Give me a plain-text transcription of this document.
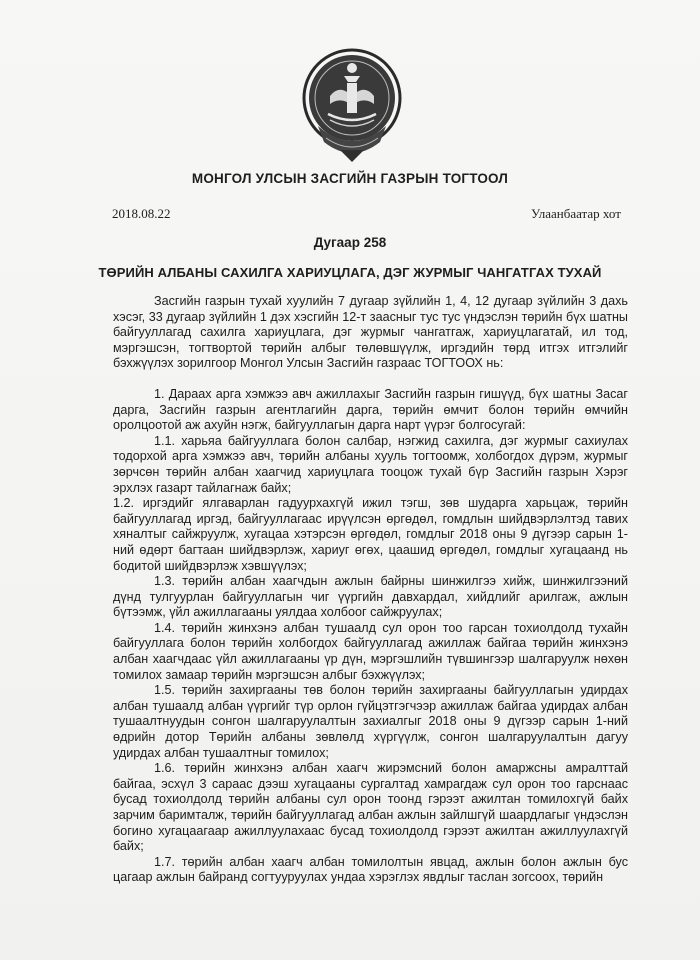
МОНГОЛ УЛСЫН ЗАСГИЙН ГАЗРЫН ТОГТООЛ
2018.08.22	Улаанбаатар хот
Дугаар 258
ТӨРИЙН АЛБАНЫ САХИЛГА ХАРИУЦЛАГА, ДЭГ ЖУРМЫГ ЧАНГАТГАХ ТУХАЙ

Засгийн газрын тухай хуулийн 7 дугаар зүйлийн 1, 4, 12 дугаар зүйлийн 3 дахь хэсэг, 33 дугаар зүйлийн 1 дэх хэсгийн 12-т заасныг тус тус үндэслэн төрийн бүх шатны байгууллагад сахилга хариуцлага, дэг журмыг чангатгаж, хариуцлагатай, ил тод, мэргэшсэн, тогтвортой төрийн албыг төлөвшүүлж, иргэдийн төрд итгэх итгэлийг бэхжүүлэх зорилгоор Монгол Улсын Засгийн газраас ТОГТООХ нь:

1. Дараах арга хэмжээ авч ажиллахыг Засгийн газрын гишүүд, бүх шатны Засаг дарга, Засгийн газрын агентлагийн дарга, төрийн өмчит болон төрийн өмчийн оролцоотой аж ахуйн нэгж, байгууллагын дарга нарт үүрэг болгосугай:

1.1. харьяа байгууллага болон салбар, нэгжид сахилга, дэг журмыг сахиулах тодорхой арга хэмжээ авч, төрийн албаны хууль тогтоомж, холбогдох дүрэм, журмыг зөрчсөн төрийн албан хаагчид хариуцлага тооцож тухай бүр Засгийн газрын Хэрэг эрхлэх газарт тайлагнаж байх;

1.2. иргэдийг ялгаварлан гадуурхахгүй ижил тэгш, зөв шударга харьцаж, төрийн байгууллагад иргэд, байгууллагаас ирүүлсэн өргөдөл, гомдлын шийдвэрлэлтэд тавих хяналтыг сайжруулж, хугацаа хэтэрсэн өргөдөл, гомдлыг 2018 оны 9 дүгээр сарын 1-ний өдөрт багтаан шийдвэрлэж, хариуг өгөх, цаашид өргөдөл, гомдлыг хугацаанд нь бодитой шийдвэрлэж хэвшүүлэх;

1.3. төрийн албан хаагчдын ажлын байрны шинжилгээ хийж, шинжилгээний дүнд тулгуурлан байгууллагын чиг үүргийн давхардал, хийдлийг арилгаж, ажлын бүтээмж, үйл ажиллагааны уялдаа холбоог сайжруулах;

1.4. төрийн жинхэнэ албан тушаалд сул орон тоо гарсан тохиолдолд тухайн байгууллага болон төрийн холбогдох байгууллагад ажиллаж байгаа төрийн жинхэнэ албан хаагчдаас үйл ажиллагааны үр дүн, мэргэшлийн түвшингээр шалгаруулж нөхөн томилох замаар төрийн мэргэшсэн албыг бэхжүүлэх;

1.5. төрийн захиргааны төв болон төрийн захиргааны байгууллагын удирдах албан тушаалд албан үүргийг түр орлон гүйцэтгэгчээр ажиллаж байгаа удирдах албан тушаалтнуудын сонгон шалгаруулалтын захиалгыг 2018 оны 9 дүгээр сарын 1-ний өдрийн дотор Төрийн албаны зөвлөлд хүргүүлж, сонгон шалгаруулалтын дагуу удирдах албан тушаалтныг томилох;

1.6. төрийн жинхэнэ албан хаагч жирэмсний болон амаржсны амралттай байгаа, эсхүл 3 сараас дээш хугацааны сургалтад хамрагдаж сул орон тоо гарснаас бусад тохиолдолд төрийн албаны сул орон тоонд гэрээт ажилтан томилохгүй байх зарчим баримталж, төрийн байгууллагад албан ажлын зайлшгүй шаардлагыг үндэслэн богино хугацаагаар ажиллуулахаас бусад тохиолдолд гэрээт ажилтан ажиллуулахгүй байх;

1.7. төрийн албан хаагч албан томилолтын явцад, ажлын болон ажлын бус цагаар ажлын байранд согтууруулах ундаа хэрэглэх явдлыг таслан зогсоох, төрийн
